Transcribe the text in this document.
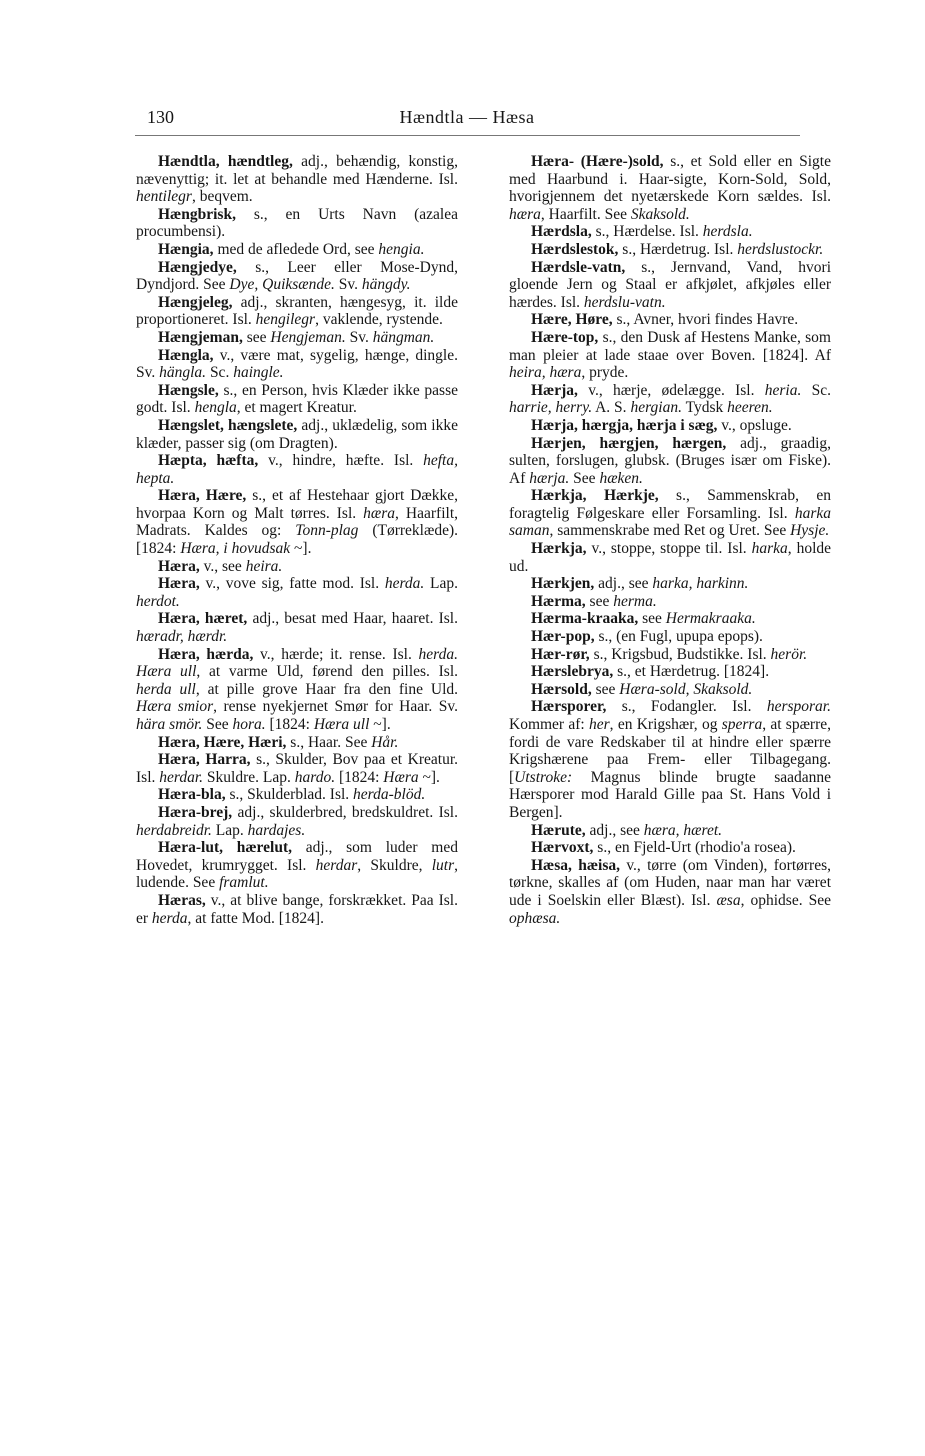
130	Hændtla — Hæsa

Hændtla, hændtleg, adj., behændig, konstig, nævenyttig; it. let at behandle med Hænderne. Isl. hentilegr, beqvem.

Hængbrisk, s., en Urts Navn (azalea procumbensi).

Hængia, med de afledede Ord, see hengia.

Hængjedye, s., Leer eller Mose-Dynd, Dyndjord. See Dye, Quiksænde. Sv. hängdy.

Hængjeleg, adj., skranten, hængesyg, it. ilde proportioneret. Isl. hengilegr, vaklende, rystende.

Hængjeman, see Hengjeman. Sv. hängman.

Hængla, v., være mat, sygelig, hænge, dingle. Sv. hängla. Sc. haingle.

Hængsle, s., en Person, hvis Klæder ikke passe godt. Isl. hengla, et magert Kreatur.

Hængslet, hængslete, adj., uklædelig, som ikke klæder, passer sig (om Dragten).

Hæpta, hæfta, v., hindre, hæfte. Isl. hefta, hepta.

Hæra, Hære, s., et af Hestehaar gjort Dække, hvorpaa Korn og Malt tørres. Isl. hæra, Haarfilt, Madrats. Kaldes og: Tonn-plag (Tørreklæde). [1824: Hæra, i hovudsak ~].

Hæra, v., see heira.

Hæra, v., vove sig, fatte mod. Isl. herda. Lap. herdot.

Hæra, hæret, adj., besat med Haar, haaret. Isl. hæradr, hærdr.

Hæra, hærda, v., hærde; it. rense. Isl. herda. Hæra ull, at varme Uld, førend den pilles. Isl. herda ull, at pille grove Haar fra den fine Uld. Hæra smior, rense nyekjernet Smør for Haar. Sv. hära smör. See hora. [1824: Hæra ull ~].

Hæra, Hære, Hæri, s., Haar. See Hår.

Hæra, Harra, s., Skulder, Bov paa et Kreatur. Isl. herdar. Skuldre. Lap. hardo. [1824: Hæra ~].

Hæra-bla, s., Skulderblad. Isl. herda-blöd.

Hæra-brej, adj., skulderbred, bredskuldret. Isl. herdabreidr. Lap. hardajes.

Hæra-lut, hærelut, adj., som luder med Hovedet, krumrygget. Isl. herdar, Skuldre, lutr, ludende. See framlut.

Hæras, v., at blive bange, forskrækket. Paa Isl. er herda, at fatte Mod. [1824].

Hæra- (Hære-)sold, s., et Sold eller en Sigte med Haarbund i. Haar-sigte, Korn-Sold, Sold, hvorigjennem det nyetærskede Korn sældes. Isl. hæra, Haarfilt. See Skaksold.

Hærdsla, s., Hærdelse. Isl. herdsla.

Hærdslestok, s., Hærdetrug. Isl. herdslustockr.

Hærdsle-vatn, s., Jernvand, Vand, hvori gloende Jern og Staal er afkjølet, afkjøles eller hærdes. Isl. herdslu-vatn.

Hære, Høre, s., Avner, hvori findes Havre.

Hære-top, s., den Dusk af Hestens Manke, som man pleier at lade staae over Boven. [1824]. Af heira, hæra, pryde.

Hærja, v., hærje, ødelægge. Isl. heria. Sc. harrie, herry. A. S. hergian. Tydsk heeren.

Hærja, hærgja, hærja i sæg, v., opsluge.

Hærjen, hærgjen, hærgen, adj., graadig, sulten, forslugen, glubsk. (Bruges især om Fiske). Af hærja. See hæken.

Hærkja, Hærkje, s., Sammenskrab, en foragtelig Følgeskare eller Forsamling. Isl. harka saman, sammenskrabe med Ret og Uret. See Hysje.

Hærkja, v., stoppe, stoppe til. Isl. harka, holde ud.

Hærkjen, adj., see harka, harkinn.

Hærma, see herma.

Hærma-kraaka, see Hermakraaka.

Hær-pop, s., (en Fugl, upupa epops).

Hær-rør, s., Krigsbud, Budstikke. Isl. herör.

Hærslebrya, s., et Hærdetrug. [1824].

Hærsold, see Hæra-sold, Skaksold.

Hærsporer, s., Fodangler. Isl. hersporar. Kommer af: her, en Krigshær, og sperra, at spærre, fordi de vare Redskaber til at hindre eller spærre Krigshærene paa Frem- eller Tilbagegang. [Utstroke: Magnus blinde brugte saadanne Hærsporer mod Harald Gille paa St. Hans Vold i Bergen].

Hærute, adj., see hæra, hæret.

Hærvoxt, s., en Fjeld-Urt (rhodio'a rosea).

Hæsa, hæisa, v., tørre (om Vinden), fortørres, tørkne, skalles af (om Huden, naar man har været ude i Soelskin eller Blæst). Isl. æsa, ophidse. See ophæsa.
